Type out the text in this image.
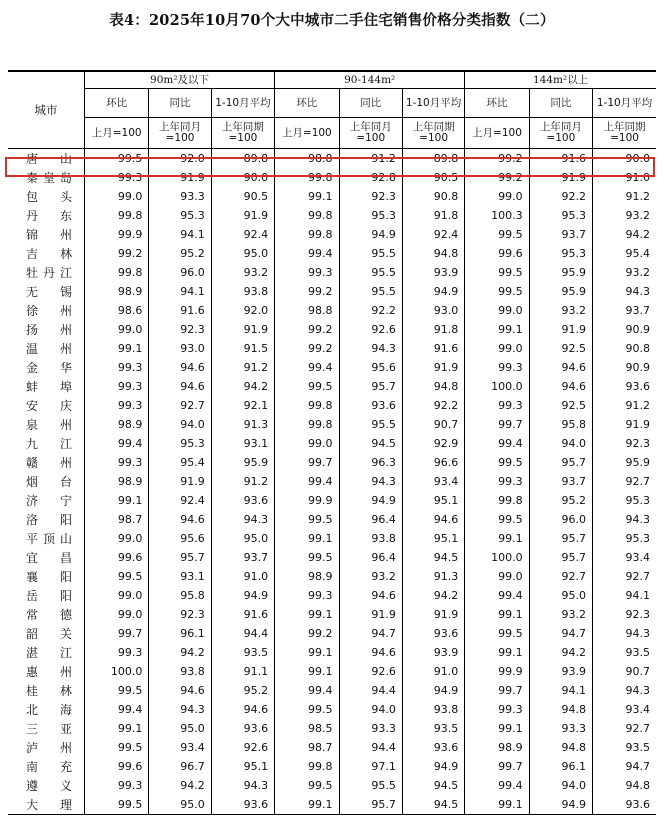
表4：2025年10月70个大中城市二手住宅销售价格分类指数（二）
城市	90m²及以下			90-144m²			144m²以上		
	环比	同比	1-10月平均	环比	同比	1-10月平均	环比	同比	1-10月平均
	上月=100	上年同月=100	上年同期=100	上月=100	上年同月=100	上年同期=100	上月=100	上年同月=100	上年同期=100
唐山	99.5	92.0	89.8	98.8	91.2	89.8	99.2	91.6	90.0
秦皇岛	99.3	91.9	90.0	99.8	92.8	90.5	99.2	91.9	91.0
包头	99.0	93.3	90.5	99.1	92.3	90.8	99.0	92.2	91.2
丹东	99.8	95.3	91.9	99.8	95.3	91.8	100.3	95.3	93.2
锦州	99.9	94.1	92.4	99.8	94.9	92.4	99.5	93.7	94.2
吉林	99.2	95.2	95.0	99.4	95.5	94.8	99.6	95.3	95.4
牡丹江	99.8	96.0	93.2	99.3	95.5	93.9	99.5	95.9	93.2
无锡	98.9	94.1	93.8	99.2	95.5	94.9	99.5	95.9	94.3
徐州	98.6	91.6	92.0	98.8	92.2	93.0	99.0	93.2	93.7
扬州	99.0	92.3	91.9	99.2	92.6	91.8	99.1	91.9	90.9
温州	99.1	93.0	91.5	99.2	94.3	91.6	99.0	92.5	90.8
金华	99.3	94.6	91.2	99.4	95.6	91.9	99.3	94.6	90.9
蚌埠	99.3	94.6	94.2	99.5	95.7	94.8	100.0	94.6	93.6
安庆	99.3	92.7	92.1	99.8	93.6	92.2	99.3	92.5	91.2
泉州	98.9	94.0	91.3	99.8	95.5	90.7	99.7	95.8	91.9
九江	99.4	95.3	93.1	99.0	94.5	92.9	99.4	94.0	92.3
赣州	99.3	95.4	95.9	99.7	96.3	96.6	99.5	95.7	95.9
烟台	98.9	91.9	91.2	99.4	94.3	93.4	99.3	93.7	92.7
济宁	99.1	92.4	93.6	99.9	94.9	95.1	99.8	95.2	95.3
洛阳	98.7	94.6	94.3	99.5	96.4	94.6	99.5	96.0	94.3
平顶山	99.0	95.6	95.0	99.1	93.8	95.1	99.1	95.7	95.3
宜昌	99.6	95.7	93.7	99.5	96.4	94.5	100.0	95.7	93.4
襄阳	99.5	93.1	91.0	98.9	93.2	91.3	99.0	92.7	92.7
岳阳	99.0	95.8	94.9	99.3	94.6	94.2	99.4	95.0	94.1
常德	99.0	92.3	91.6	99.1	91.9	91.9	99.1	93.2	92.3
韶关	99.7	96.1	94.4	99.2	94.7	93.6	99.5	94.7	94.3
湛江	99.3	94.2	93.5	99.1	94.6	93.9	99.1	94.2	93.5
惠州	100.0	93.8	91.1	99.1	92.6	91.0	99.9	93.9	90.7
桂林	99.5	94.6	95.2	99.4	94.4	94.9	99.7	94.1	94.3
北海	99.4	94.3	94.6	99.5	94.0	93.8	99.3	94.8	93.4
三亚	99.1	95.0	93.6	98.5	93.3	93.5	99.1	93.3	92.7
泸州	99.5	93.4	92.6	98.7	94.4	93.6	98.9	94.8	93.5
南充	99.6	96.7	95.1	99.8	97.1	94.9	99.7	96.1	94.7
遵义	99.3	94.2	94.3	99.5	95.5	94.5	99.4	94.0	94.8
大理	99.5	95.0	93.6	99.1	95.7	94.5	99.1	94.9	93.6
